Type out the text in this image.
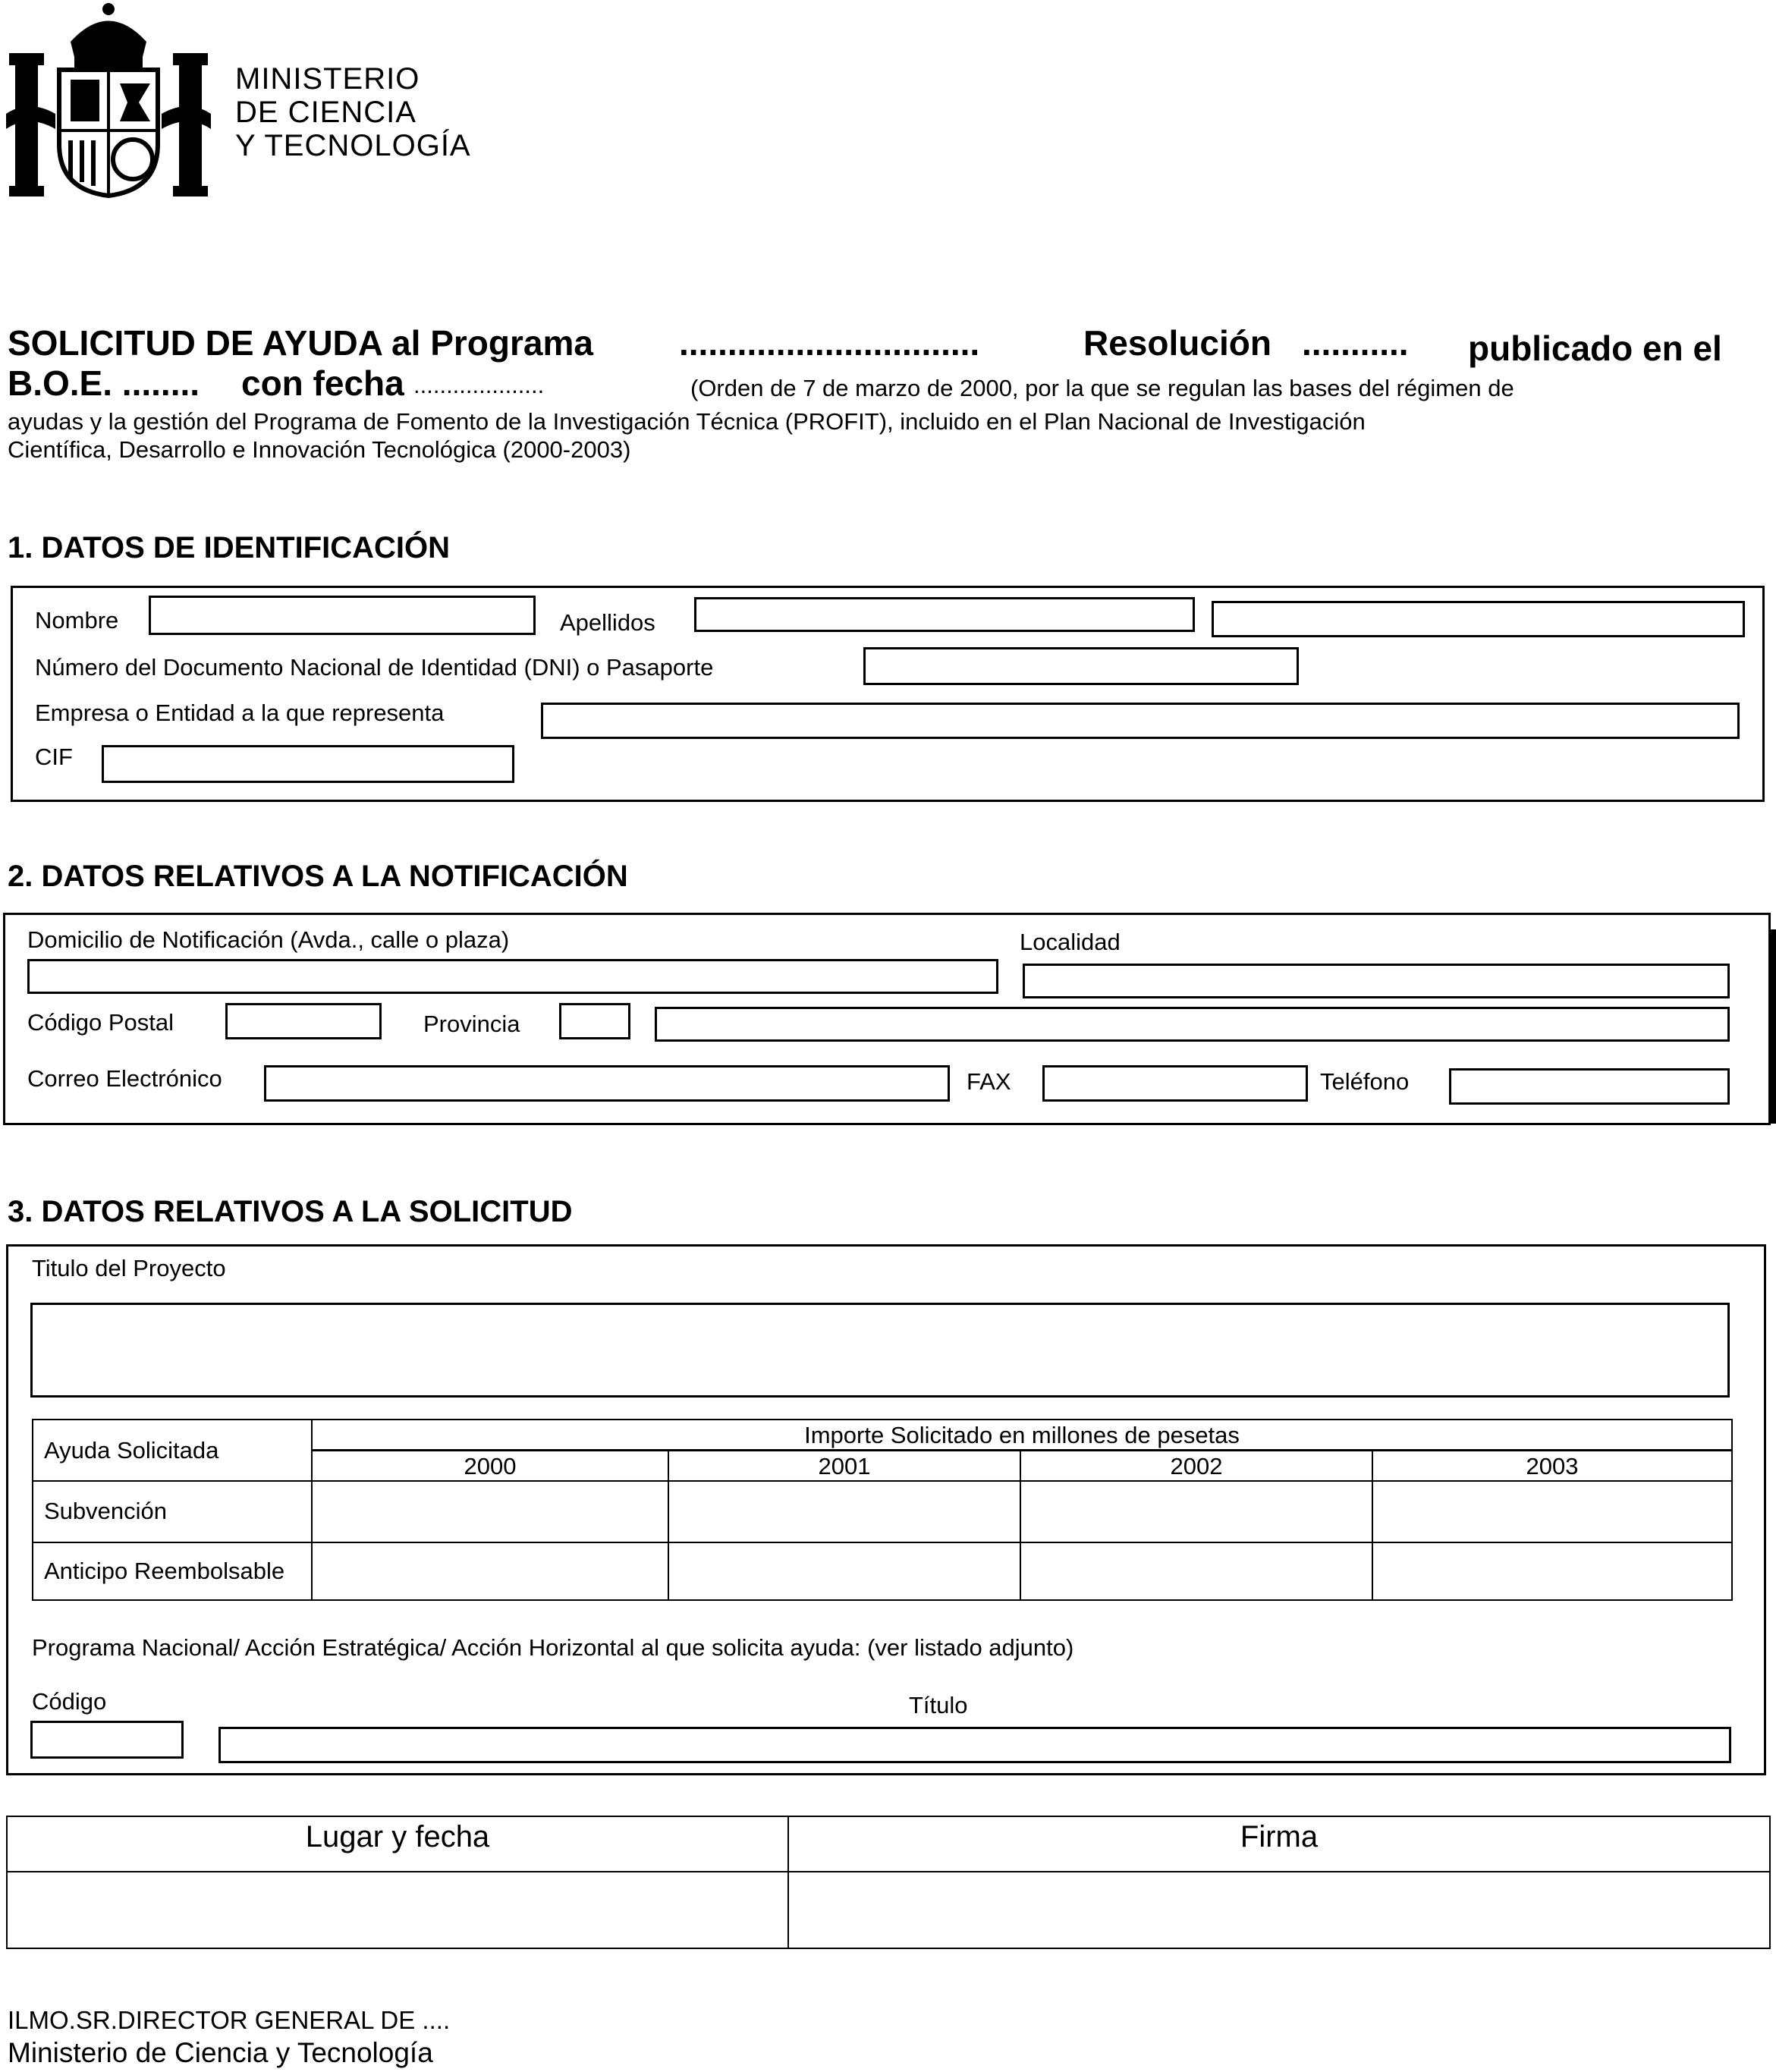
MINISTERIO
DE CIENCIA
Y TECNOLOGÍA
SOLICITUD DE AYUDA al Programa ...............................	Resolución ........... publicado en el
B.O.E. ........ con fecha ....................	(Orden de 7 de marzo de 2000, por la que se regulan las bases del régimen de
ayudas y la gestión del Programa de Fomento de la Investigación Técnica (PROFIT), incluido en el Plan Nacional de Investigación
Científica, Desarrollo e Innovación Tecnológica (2000-2003)
1. DATOS DE IDENTIFICACIÓN
Nombre	Apellidos
Número del Documento Nacional de Identidad (DNI) o Pasaporte
Empresa o Entidad a la que representa
CIF
2. DATOS RELATIVOS A LA NOTIFICACIÓN
Domicilio de Notificación (Avda., calle o plaza)	Localidad
Código Postal	Provincia
Correo Electrónico	FAX	Teléfono
3. DATOS RELATIVOS A LA SOLICITUD
Titulo del Proyecto
Ayuda Solicitada	Importe Solicitado en millones de pesetas			
	2000	2001	2002	2003
Subvención				
Anticipo Reembolsable				
Programa Nacional/ Acción Estratégica/ Acción Horizontal al que solicita ayuda: (ver listado adjunto)
Código	Título
Lugar y fecha	Firma

ILMO.SR.DIRECTOR GENERAL DE ....
Ministerio de Ciencia y Tecnología
